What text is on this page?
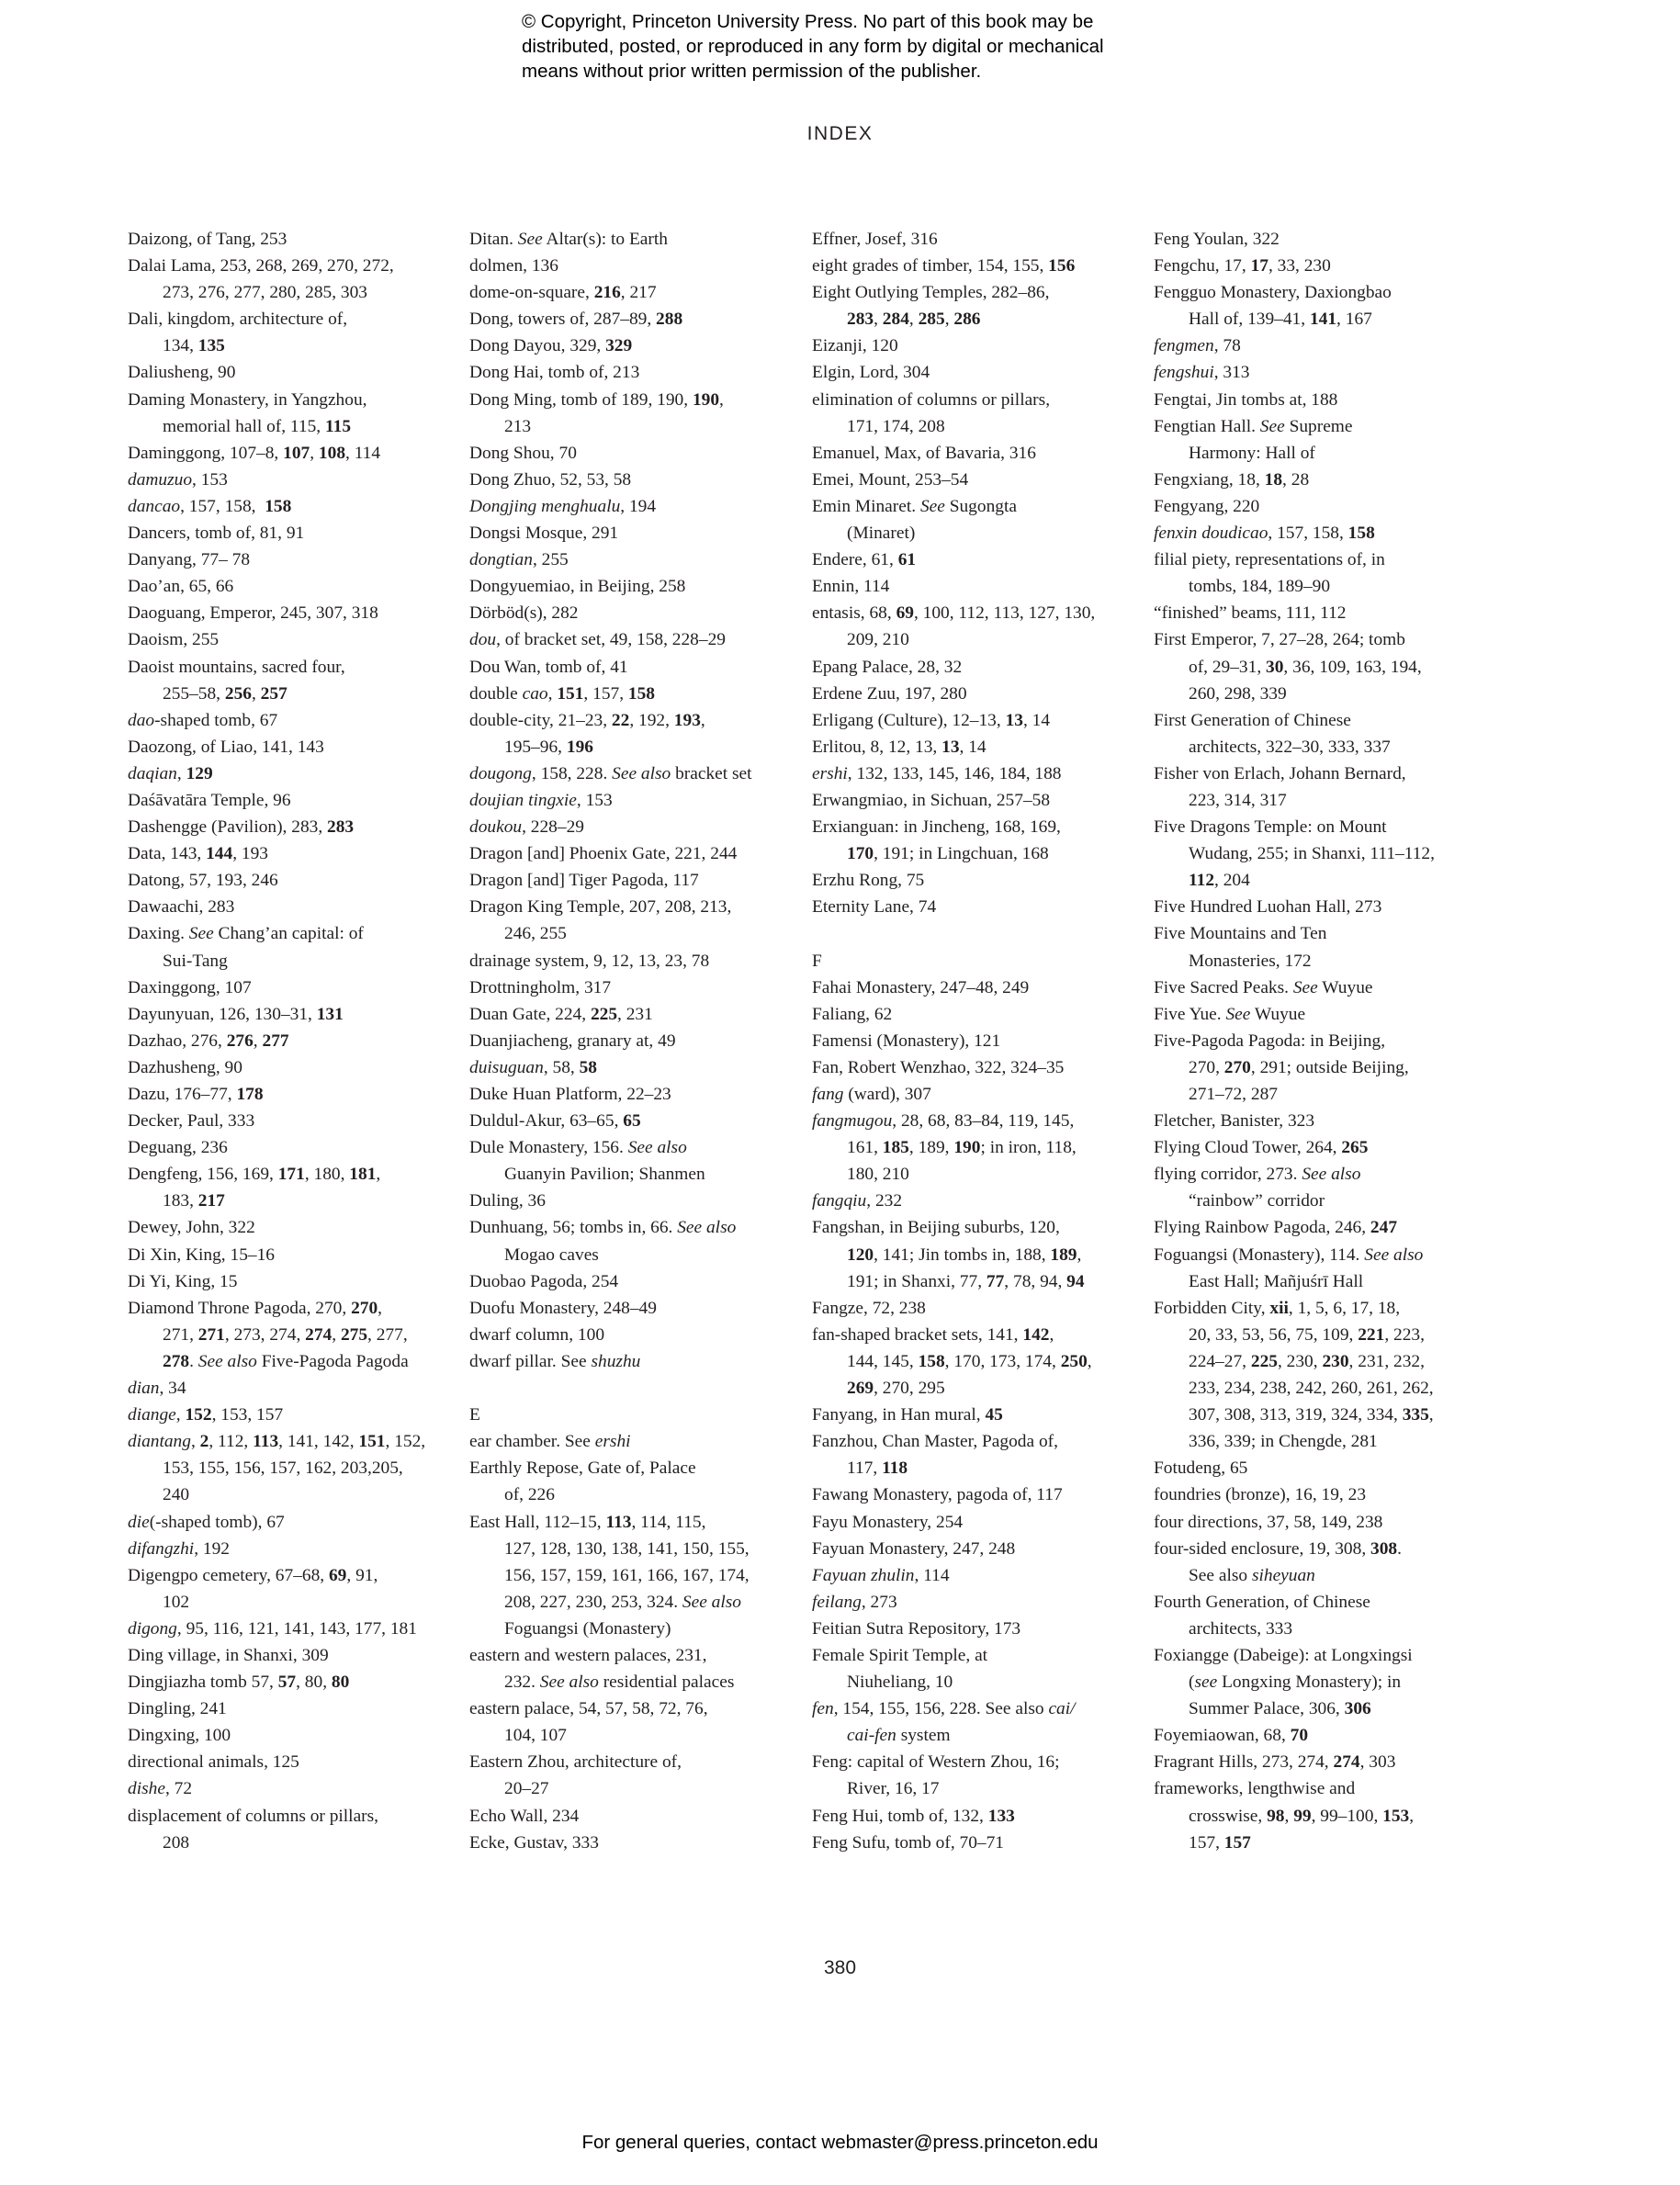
© Copyright, Princeton University Press. No part of this book may be
distributed, posted, or reproduced in any form by digital or mechanical
means without prior written permission of the publisher.
INDEX
Daizong, of Tang, 253
Dalai Lama, 253, 268, 269, 270, 272,
273, 276, 277, 280, 285, 303
Dali, kingdom, architecture of,
134, 135
Daliusheng, 90
Daming Monastery, in Yangzhou,
memorial hall of, 115, 115
Daminggong, 107–8, 107, 108, 114
damuzuo, 153
dancao, 157, 158,  158
Dancers, tomb of, 81, 91
Danyang, 77– 78
Dao’an, 65, 66
Daoguang, Emperor, 245, 307, 318
Daoism, 255
Daoist mountains, sacred four,
255–58, 256, 257
dao-shaped tomb, 67
Daozong, of Liao, 141, 143
daqian, 129
Daśāvatāra Temple, 96
Dashengge (Pavilion), 283, 283
Data, 143, 144, 193
Datong, 57, 193, 246
Dawaachi, 283
Daxing. See Chang’an capital: of
Sui-Tang
Daxinggong, 107
Dayunyuan, 126, 130–31, 131
Dazhao, 276, 276, 277
Dazhusheng, 90
Dazu, 176–77, 178
Decker, Paul, 333
Deguang, 236
Dengfeng, 156, 169, 171, 180, 181,
183, 217
Dewey, John, 322
Di Xin, King, 15–16
Di Yi, King, 15
Diamond Throne Pagoda, 270, 270,
271, 271, 273, 274, 274, 275, 277,
278. See also Five-Pagoda Pagoda
dian, 34
diange, 152, 153, 157
diantang, 2, 112, 113, 141, 142, 151, 152,
153, 155, 156, 157, 162, 203,205,
240
die(-shaped tomb), 67
difangzhi, 192
Digengpo cemetery, 67–68, 69, 91,
102
digong, 95, 116, 121, 141, 143, 177, 181
Ding village, in Shanxi, 309
Dingjiazha tomb 57, 57, 80, 80
Dingling, 241
Dingxing, 100
directional animals, 125
dishe, 72
displacement of columns or pillars,
208
Ditan. See Altar(s): to Earth
dolmen, 136
dome-on-square, 216, 217
Dong, towers of, 287–89, 288
Dong Dayou, 329, 329
Dong Hai, tomb of, 213
Dong Ming, tomb of 189, 190, 190,
213
Dong Shou, 70
Dong Zhuo, 52, 53, 58
Dongjing menghualu, 194
Dongsi Mosque, 291
dongtian, 255
Dongyuemiao, in Beijing, 258
Dörböd(s), 282
dou, of bracket set, 49, 158, 228–29
Dou Wan, tomb of, 41
double cao, 151, 157, 158
double-city, 21–23, 22, 192, 193,
195–96, 196
dougong, 158, 228. See also bracket set
doujian tingxie, 153
doukou, 228–29
Dragon [and] Phoenix Gate, 221, 244
Dragon [and] Tiger Pagoda, 117
Dragon King Temple, 207, 208, 213,
246, 255
drainage system, 9, 12, 13, 23, 78
Drottningholm, 317
Duan Gate, 224, 225, 231
Duanjiacheng, granary at, 49
duisuguan, 58, 58
Duke Huan Platform, 22–23
Duldul-Akur, 63–65, 65
Dule Monastery, 156. See also
Guanyin Pavilion; Shanmen
Duling, 36
Dunhuang, 56; tombs in, 66. See also
Mogao caves
Duobao Pagoda, 254
Duofu Monastery, 248–49
dwarf column, 100
dwarf pillar. See shuzhu
E
ear chamber. See ershi
Earthly Repose, Gate of, Palace
of, 226
East Hall, 112–15, 113, 114, 115,
127, 128, 130, 138, 141, 150, 155,
156, 157, 159, 161, 166, 167, 174,
208, 227, 230, 253, 324. See also
Foguangsi (Monastery)
eastern and western palaces, 231,
232. See also residential palaces
eastern palace, 54, 57, 58, 72, 76,
104, 107
Eastern Zhou, architecture of,
20–27
Echo Wall, 234
Ecke, Gustav, 333
Effner, Josef, 316
eight grades of timber, 154, 155, 156
Eight Outlying Temples, 282–86,
283, 284, 285, 286
Eizanji, 120
Elgin, Lord, 304
elimination of columns or pillars,
171, 174, 208
Emanuel, Max, of Bavaria, 316
Emei, Mount, 253–54
Emin Minaret. See Sugongta
(Minaret)
Endere, 61, 61
Ennin, 114
entasis, 68, 69, 100, 112, 113, 127, 130,
209, 210
Epang Palace, 28, 32
Erdene Zuu, 197, 280
Erligang (Culture), 12–13, 13, 14
Erlitou, 8, 12, 13, 13, 14
ershi, 132, 133, 145, 146, 184, 188
Erwangmiao, in Sichuan, 257–58
Erxianguan: in Jincheng, 168, 169,
170, 191; in Lingchuan, 168
Erzhu Rong, 75
Eternity Lane, 74
F
Fahai Monastery, 247–48, 249
Faliang, 62
Famensi (Monastery), 121
Fan, Robert Wenzhao, 322, 324–35
fang (ward), 307
fangmugou, 28, 68, 83–84, 119, 145,
161, 185, 189, 190; in iron, 118,
180, 210
fangqiu, 232
Fangshan, in Beijing suburbs, 120,
120, 141; Jin tombs in, 188, 189,
191; in Shanxi, 77, 77, 78, 94, 94
Fangze, 72, 238
fan-shaped bracket sets, 141, 142,
144, 145, 158, 170, 173, 174, 250,
269, 270, 295
Fanyang, in Han mural, 45
Fanzhou, Chan Master, Pagoda of,
117, 118
Fawang Monastery, pagoda of, 117
Fayu Monastery, 254
Fayuan Monastery, 247, 248
Fayuan zhulin, 114
feilang, 273
Feitian Sutra Repository, 173
Female Spirit Temple, at
Niuheliang, 10
fen, 154, 155, 156, 228. See also cai/
cai-fen system
Feng: capital of Western Zhou, 16;
River, 16, 17
Feng Hui, tomb of, 132, 133
Feng Sufu, tomb of, 70–71
Feng Youlan, 322
Fengchu, 17, 17, 33, 230
Fengguo Monastery, Daxiongbao
Hall of, 139–41, 141, 167
fengmen, 78
fengshui, 313
Fengtai, Jin tombs at, 188
Fengtian Hall. See Supreme
Harmony: Hall of
Fengxiang, 18, 18, 28
Fengyang, 220
fenxin doudicao, 157, 158, 158
filial piety, representations of, in
tombs, 184, 189–90
“finished” beams, 111, 112
First Emperor, 7, 27–28, 264; tomb
of, 29–31, 30, 36, 109, 163, 194,
260, 298, 339
First Generation of Chinese
architects, 322–30, 333, 337
Fisher von Erlach, Johann Bernard,
223, 314, 317
Five Dragons Temple: on Mount
Wudang, 255; in Shanxi, 111–112,
112, 204
Five Hundred Luohan Hall, 273
Five Mountains and Ten
Monasteries, 172
Five Sacred Peaks. See Wuyue
Five Yue. See Wuyue
Five-Pagoda Pagoda: in Beijing,
270, 270, 291; outside Beijing,
271–72, 287
Fletcher, Banister, 323
Flying Cloud Tower, 264, 265
flying corridor, 273. See also
“rainbow” corridor
Flying Rainbow Pagoda, 246, 247
Foguangsi (Monastery), 114. See also
East Hall; Mañjuśrī Hall
Forbidden City, xii, 1, 5, 6, 17, 18,
20, 33, 53, 56, 75, 109, 221, 223,
224–27, 225, 230, 230, 231, 232,
233, 234, 238, 242, 260, 261, 262,
307, 308, 313, 319, 324, 334, 335,
336, 339; in Chengde, 281
Fotudeng, 65
foundries (bronze), 16, 19, 23
four directions, 37, 58, 149, 238
four-sided enclosure, 19, 308, 308.
See also siheyuan
Fourth Generation, of Chinese
architects, 333
Foxiangge (Dabeige): at Longxingsi
(see Longxing Monastery); in
Summer Palace, 306, 306
Foyemiaowan, 68, 70
Fragrant Hills, 273, 274, 274, 303
frameworks, lengthwise and
crosswise, 98, 99, 99–100, 153,
157, 157
380
For general queries, contact webmaster@press.princeton.edu
